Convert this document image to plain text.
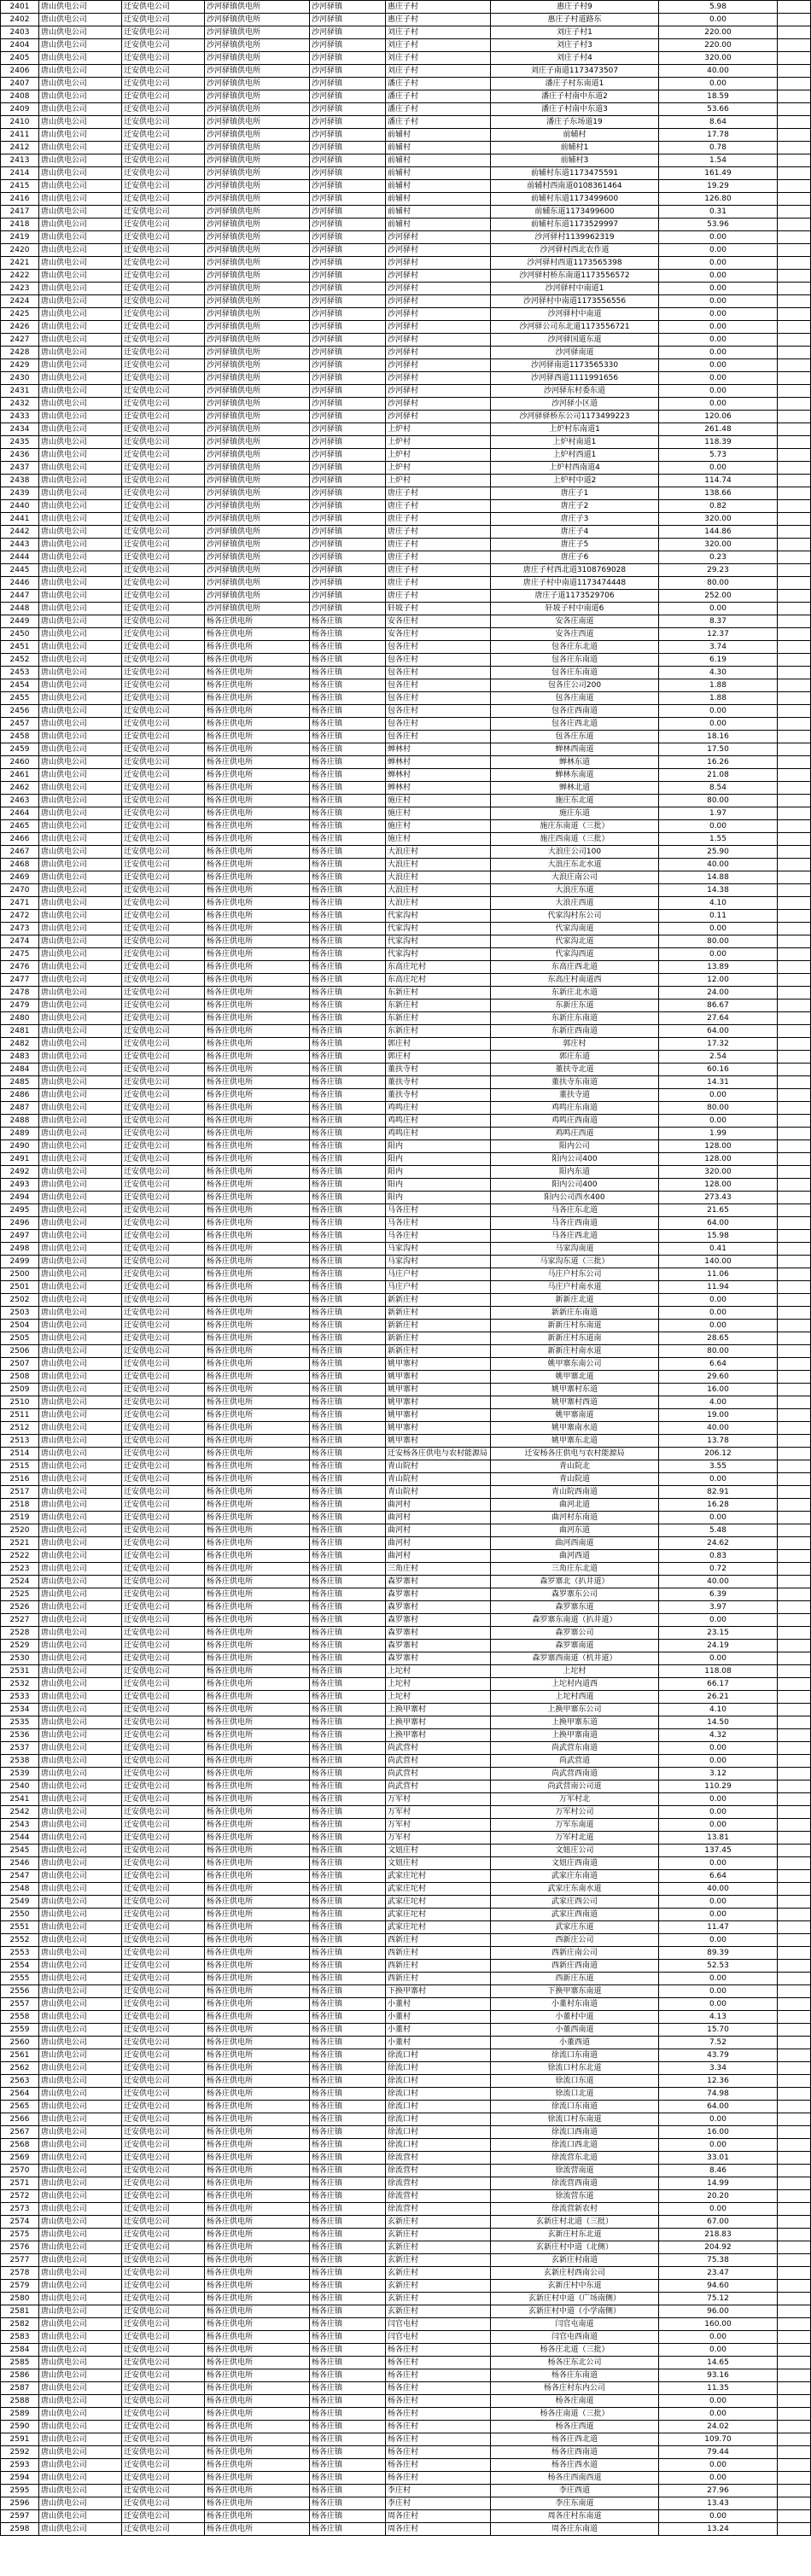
2401	唐山供电公司	迁安供电公司	沙河驿镇供电所	沙河驿镇	惠庄子村	惠庄子村9	5.98	
2402	唐山供电公司	迁安供电公司	沙河驿镇供电所	沙河驿镇	惠庄子村	惠庄子村道路东	0.00	
2403	唐山供电公司	迁安供电公司	沙河驿镇供电所	沙河驿镇	刘庄子村	刘庄子村1	220.00	
2404	唐山供电公司	迁安供电公司	沙河驿镇供电所	沙河驿镇	刘庄子村	刘庄子村3	220.00	
2405	唐山供电公司	迁安供电公司	沙河驿镇供电所	沙河驿镇	刘庄子村	刘庄子村4	320.00	
2406	唐山供电公司	迁安供电公司	沙河驿镇供电所	沙河驿镇	刘庄子村	刘庄子南道1173473507	40.00	
2407	唐山供电公司	迁安供电公司	沙河驿镇供电所	沙河驿镇	潘庄子村	潘庄子村东南道1	0.00	
2408	唐山供电公司	迁安供电公司	沙河驿镇供电所	沙河驿镇	潘庄子村	潘庄子村南中东道2	18.59	
2409	唐山供电公司	迁安供电公司	沙河驿镇供电所	沙河驿镇	潘庄子村	潘庄子村南中东道3	53.66	
2410	唐山供电公司	迁安供电公司	沙河驿镇供电所	沙河驿镇	潘庄子村	潘庄子东场道19	8.64	
2411	唐山供电公司	迁安供电公司	沙河驿镇供电所	沙河驿镇	前辅村	前辅村	17.78	
2412	唐山供电公司	迁安供电公司	沙河驿镇供电所	沙河驿镇	前辅村	前辅村1	0.78	
2413	唐山供电公司	迁安供电公司	沙河驿镇供电所	沙河驿镇	前辅村	前辅村3	1.54	
2414	唐山供电公司	迁安供电公司	沙河驿镇供电所	沙河驿镇	前辅村	前辅村东道1173475591	161.49	
2415	唐山供电公司	迁安供电公司	沙河驿镇供电所	沙河驿镇	前辅村	前辅村西南道0108361464	19.29	
2416	唐山供电公司	迁安供电公司	沙河驿镇供电所	沙河驿镇	前辅村	前辅村东道1173499600	126.80	
2417	唐山供电公司	迁安供电公司	沙河驿镇供电所	沙河驿镇	前辅村	前辅东道1173499600	0.31	
2418	唐山供电公司	迁安供电公司	沙河驿镇供电所	沙河驿镇	前辅村	前辅村东道1173529997	53.96	
2419	唐山供电公司	迁安供电公司	沙河驿镇供电所	沙河驿镇	沙河驿村	沙河驿村1139962319	0.00	
2420	唐山供电公司	迁安供电公司	沙河驿镇供电所	沙河驿镇	沙河驿村	沙河驿村西北农作道	0.00	
2421	唐山供电公司	迁安供电公司	沙河驿镇供电所	沙河驿镇	沙河驿村	沙河驿村西道1173565398	0.00	
2422	唐山供电公司	迁安供电公司	沙河驿镇供电所	沙河驿镇	沙河驿村	沙河驿村桥东南道1173556572	0.00	
2423	唐山供电公司	迁安供电公司	沙河驿镇供电所	沙河驿镇	沙河驿村	沙河驿村中南道1	0.00	
2424	唐山供电公司	迁安供电公司	沙河驿镇供电所	沙河驿镇	沙河驿村	沙河驿村中南道1173556556	0.00	
2425	唐山供电公司	迁安供电公司	沙河驿镇供电所	沙河驿镇	沙河驿村	沙河驿村中南道	0.00	
2426	唐山供电公司	迁安供电公司	沙河驿镇供电所	沙河驿镇	沙河驿村	沙河驿公司东北道1173556721	0.00	
2427	唐山供电公司	迁安供电公司	沙河驿镇供电所	沙河驿镇	沙河驿村	沙河驿国道东道	0.00	
2428	唐山供电公司	迁安供电公司	沙河驿镇供电所	沙河驿镇	沙河驿村	沙河驿南道	0.00	
2429	唐山供电公司	迁安供电公司	沙河驿镇供电所	沙河驿镇	沙河驿村	沙河驿南道1173565330	0.00	
2430	唐山供电公司	迁安供电公司	沙河驿镇供电所	沙河驿镇	沙河驿村	沙河驿西道1111991656	0.00	
2431	唐山供电公司	迁安供电公司	沙河驿镇供电所	沙河驿镇	沙河驿村	沙河驿东村委东道	0.00	
2432	唐山供电公司	迁安供电公司	沙河驿镇供电所	沙河驿镇	沙河驿村	沙河驿小区道	0.00	
2433	唐山供电公司	迁安供电公司	沙河驿镇供电所	沙河驿镇	沙河驿村	沙河驿驿桥东公司1173499223	120.06	
2434	唐山供电公司	迁安供电公司	沙河驿镇供电所	沙河驿镇	上炉村	上炉村东南道1	261.48	
2435	唐山供电公司	迁安供电公司	沙河驿镇供电所	沙河驿镇	上炉村	上炉村南道1	118.39	
2436	唐山供电公司	迁安供电公司	沙河驿镇供电所	沙河驿镇	上炉村	上炉村西道1	5.73	
2437	唐山供电公司	迁安供电公司	沙河驿镇供电所	沙河驿镇	上炉村	上炉村西南道4	0.00	
2438	唐山供电公司	迁安供电公司	沙河驿镇供电所	沙河驿镇	上炉村	上炉村中道2	114.74	
2439	唐山供电公司	迁安供电公司	沙河驿镇供电所	沙河驿镇	唐庄子村	唐庄子1	138.66	
2440	唐山供电公司	迁安供电公司	沙河驿镇供电所	沙河驿镇	唐庄子村	唐庄子2	0.82	
2441	唐山供电公司	迁安供电公司	沙河驿镇供电所	沙河驿镇	唐庄子村	唐庄子3	320.00	
2442	唐山供电公司	迁安供电公司	沙河驿镇供电所	沙河驿镇	唐庄子村	唐庄子4	144.86	
2443	唐山供电公司	迁安供电公司	沙河驿镇供电所	沙河驿镇	唐庄子村	唐庄子5	320.00	
2444	唐山供电公司	迁安供电公司	沙河驿镇供电所	沙河驿镇	唐庄子村	唐庄子6	0.23	
2445	唐山供电公司	迁安供电公司	沙河驿镇供电所	沙河驿镇	唐庄子村	唐庄子村西北道3108769028	29.23	
2446	唐山供电公司	迁安供电公司	沙河驿镇供电所	沙河驿镇	唐庄子村	唐庄子村中南道1173474448	80.00	
2447	唐山供电公司	迁安供电公司	沙河驿镇供电所	沙河驿镇	唐庄子村	唐庄子道1173529706	252.00	
2448	唐山供电公司	迁安供电公司	沙河驿镇供电所	沙河驿镇	轩坡子村	轩坡子村中南道6	0.00	
2449	唐山供电公司	迁安供电公司	杨各庄供电所	杨各庄镇	安各庄村	安各庄南道	8.37	
2450	唐山供电公司	迁安供电公司	杨各庄供电所	杨各庄镇	安各庄村	安各庄西道	12.37	
2451	唐山供电公司	迁安供电公司	杨各庄供电所	杨各庄镇	包各庄村	包各庄东北道	3.74	
2452	唐山供电公司	迁安供电公司	杨各庄供电所	杨各庄镇	包各庄村	包各庄东南道	6.19	
2453	唐山供电公司	迁安供电公司	杨各庄供电所	杨各庄镇	包各庄村	包各庄东南道	4.30	
2454	唐山供电公司	迁安供电公司	杨各庄供电所	杨各庄镇	包各庄村	包各庄公司200	1.88	
2455	唐山供电公司	迁安供电公司	杨各庄供电所	杨各庄镇	包各庄村	包各庄南道	1.88	
2456	唐山供电公司	迁安供电公司	杨各庄供电所	杨各庄镇	包各庄村	包各庄西南道	0.00	
2457	唐山供电公司	迁安供电公司	杨各庄供电所	杨各庄镇	包各庄村	包各庄西北道	0.00	
2458	唐山供电公司	迁安供电公司	杨各庄供电所	杨各庄镇	包各庄村	包各庄东道	18.16	
2459	唐山供电公司	迁安供电公司	杨各庄供电所	杨各庄镇	蝉林村	蝉林西南道	17.50	
2460	唐山供电公司	迁安供电公司	杨各庄供电所	杨各庄镇	蝉林村	蝉林东道	16.26	
2461	唐山供电公司	迁安供电公司	杨各庄供电所	杨各庄镇	蝉林村	蝉林东南道	21.08	
2462	唐山供电公司	迁安供电公司	杨各庄供电所	杨各庄镇	蝉林村	蝉林北道	8.54	
2463	唐山供电公司	迁安供电公司	杨各庄供电所	杨各庄镇	施庄村	施庄东北道	80.00	
2464	唐山供电公司	迁安供电公司	杨各庄供电所	杨各庄镇	施庄村	施庄东道	1.97	
2465	唐山供电公司	迁安供电公司	杨各庄供电所	杨各庄镇	施庄村	施庄东南道（三批）	0.00	
2466	唐山供电公司	迁安供电公司	杨各庄供电所	杨各庄镇	施庄村	施庄西南道（三批）	1.55	
2467	唐山供电公司	迁安供电公司	杨各庄供电所	杨各庄镇	大浪庄村	大浪庄公司100	25.90	
2468	唐山供电公司	迁安供电公司	杨各庄供电所	杨各庄镇	大浪庄村	大浪庄东北水道	40.00	
2469	唐山供电公司	迁安供电公司	杨各庄供电所	杨各庄镇	大浪庄村	大浪庄南公司	14.88	
2470	唐山供电公司	迁安供电公司	杨各庄供电所	杨各庄镇	大浪庄村	大浪庄东道	14.38	
2471	唐山供电公司	迁安供电公司	杨各庄供电所	杨各庄镇	大浪庄村	大浪庄西道	4.10	
2472	唐山供电公司	迁安供电公司	杨各庄供电所	杨各庄镇	代家沟村	代家沟村东公司	0.11	
2473	唐山供电公司	迁安供电公司	杨各庄供电所	杨各庄镇	代家沟村	代家沟南道	0.00	
2474	唐山供电公司	迁安供电公司	杨各庄供电所	杨各庄镇	代家沟村	代家沟北道	80.00	
2475	唐山供电公司	迁安供电公司	杨各庄供电所	杨各庄镇	代家沟村	代家沟西道	0.00	
2476	唐山供电公司	迁安供电公司	杨各庄供电所	杨各庄镇	东高庄坨村	东高庄西北道	13.89	
2477	唐山供电公司	迁安供电公司	杨各庄供电所	杨各庄镇	东高庄坨村	东高庄村南道西	12.00	
2478	唐山供电公司	迁安供电公司	杨各庄供电所	杨各庄镇	东新庄村	东新庄北水道	24.00	
2479	唐山供电公司	迁安供电公司	杨各庄供电所	杨各庄镇	东新庄村	东新庄东道	86.67	
2480	唐山供电公司	迁安供电公司	杨各庄供电所	杨各庄镇	东新庄村	东新庄东南道	27.64	
2481	唐山供电公司	迁安供电公司	杨各庄供电所	杨各庄镇	东新庄村	东新庄西南道	64.00	
2482	唐山供电公司	迁安供电公司	杨各庄供电所	杨各庄镇	郭庄村	郭庄村	17.32	
2483	唐山供电公司	迁安供电公司	杨各庄供电所	杨各庄镇	郭庄村	郭庄东道	2.54	
2484	唐山供电公司	迁安供电公司	杨各庄供电所	杨各庄镇	董扶寺村	董扶寺北道	60.16	
2485	唐山供电公司	迁安供电公司	杨各庄供电所	杨各庄镇	董扶寺村	董扶寺东南道	14.31	
2486	唐山供电公司	迁安供电公司	杨各庄供电所	杨各庄镇	董扶寺村	董扶寺道	0.00	
2487	唐山供电公司	迁安供电公司	杨各庄供电所	杨各庄镇	鸡鸣庄村	鸡鸣庄东南道	80.00	
2488	唐山供电公司	迁安供电公司	杨各庄供电所	杨各庄镇	鸡鸣庄村	鸡鸣庄西南道	0.00	
2489	唐山供电公司	迁安供电公司	杨各庄供电所	杨各庄镇	鸡鸣庄村	鸡鸣庄西道	1.99	
2490	唐山供电公司	迁安供电公司	杨各庄供电所	杨各庄镇	阳内	阳内公司	128.00	
2491	唐山供电公司	迁安供电公司	杨各庄供电所	杨各庄镇	阳内	阳内公司400	128.00	
2492	唐山供电公司	迁安供电公司	杨各庄供电所	杨各庄镇	阳内	阳内东道	320.00	
2493	唐山供电公司	迁安供电公司	杨各庄供电所	杨各庄镇	阳内	阳内公司400	128.00	
2494	唐山供电公司	迁安供电公司	杨各庄供电所	杨各庄镇	阳内	阳内公司西水400	273.43	
2495	唐山供电公司	迁安供电公司	杨各庄供电所	杨各庄镇	马各庄村	马各庄东北道	21.65	
2496	唐山供电公司	迁安供电公司	杨各庄供电所	杨各庄镇	马各庄村	马各庄西南道	64.00	
2497	唐山供电公司	迁安供电公司	杨各庄供电所	杨各庄镇	马各庄村	马各庄西北道	15.98	
2498	唐山供电公司	迁安供电公司	杨各庄供电所	杨各庄镇	马家沟村	马家沟南道	0.41	
2499	唐山供电公司	迁安供电公司	杨各庄供电所	杨各庄镇	马家沟村	马家沟东道（三批）	140.00	
2500	唐山供电公司	迁安供电公司	杨各庄供电所	杨各庄镇	马庄户村	马庄户村东公司	11.06	
2501	唐山供电公司	迁安供电公司	杨各庄供电所	杨各庄镇	马庄户村	马庄户村南水道	11.94	
2502	唐山供电公司	迁安供电公司	杨各庄供电所	杨各庄镇	新新庄村	新新庄北道	0.00	
2503	唐山供电公司	迁安供电公司	杨各庄供电所	杨各庄镇	新新庄村	新新庄东南道	0.00	
2504	唐山供电公司	迁安供电公司	杨各庄供电所	杨各庄镇	新新庄村	新新庄村东南道	0.00	
2505	唐山供电公司	迁安供电公司	杨各庄供电所	杨各庄镇	新新庄村	新新庄村东道南	28.65	
2506	唐山供电公司	迁安供电公司	杨各庄供电所	杨各庄镇	新新庄村	新新庄村南水道	80.00	
2507	唐山供电公司	迁安供电公司	杨各庄供电所	杨各庄镇	姚甲寨村	姚甲寨东南公司	6.64	
2508	唐山供电公司	迁安供电公司	杨各庄供电所	杨各庄镇	姚甲寨村	姚甲寨北道	29.60	
2509	唐山供电公司	迁安供电公司	杨各庄供电所	杨各庄镇	姚甲寨村	姚甲寨村东道	16.00	
2510	唐山供电公司	迁安供电公司	杨各庄供电所	杨各庄镇	姚甲寨村	姚甲寨村西道	4.00	
2511	唐山供电公司	迁安供电公司	杨各庄供电所	杨各庄镇	姚甲寨村	姚甲寨南道	19.00	
2512	唐山供电公司	迁安供电公司	杨各庄供电所	杨各庄镇	姚甲寨村	姚甲寨南水道	40.00	
2513	唐山供电公司	迁安供电公司	杨各庄供电所	杨各庄镇	姚甲寨村	姚甲寨东北道	13.78	
2514	唐山供电公司	迁安供电公司	杨各庄供电所	杨各庄镇	迁安杨各庄供电与农村能源局	迁安杨各庄供电与农村能源局	206.12	
2515	唐山供电公司	迁安供电公司	杨各庄供电所	杨各庄镇	青山院村	青山院北	3.55	
2516	唐山供电公司	迁安供电公司	杨各庄供电所	杨各庄镇	青山院村	青山院道	0.00	
2517	唐山供电公司	迁安供电公司	杨各庄供电所	杨各庄镇	青山院村	青山院西南道	82.91	
2518	唐山供电公司	迁安供电公司	杨各庄供电所	杨各庄镇	曲河村	曲河北道	16.28	
2519	唐山供电公司	迁安供电公司	杨各庄供电所	杨各庄镇	曲河村	曲河村东南道	0.00	
2520	唐山供电公司	迁安供电公司	杨各庄供电所	杨各庄镇	曲河村	曲河东道	5.48	
2521	唐山供电公司	迁安供电公司	杨各庄供电所	杨各庄镇	曲河村	曲河西南道	24.62	
2522	唐山供电公司	迁安供电公司	杨各庄供电所	杨各庄镇	曲河村	曲河西道	0.83	
2523	唐山供电公司	迁安供电公司	杨各庄供电所	杨各庄镇	三角庄村	三角庄东北道	0.72	
2524	唐山供电公司	迁安供电公司	杨各庄供电所	杨各庄镇	森罗寨村	森罗寨北（扒井道）	40.00	
2525	唐山供电公司	迁安供电公司	杨各庄供电所	杨各庄镇	森罗寨村	森罗寨东公司	6.39	
2526	唐山供电公司	迁安供电公司	杨各庄供电所	杨各庄镇	森罗寨村	森罗寨东道	3.97	
2527	唐山供电公司	迁安供电公司	杨各庄供电所	杨各庄镇	森罗寨村	森罗寨东南道（扒井道）	0.00	
2528	唐山供电公司	迁安供电公司	杨各庄供电所	杨各庄镇	森罗寨村	森罗寨公司	23.15	
2529	唐山供电公司	迁安供电公司	杨各庄供电所	杨各庄镇	森罗寨村	森罗寨南道	24.19	
2530	唐山供电公司	迁安供电公司	杨各庄供电所	杨各庄镇	森罗寨村	森罗寨西南道（机井道）	0.00	
2531	唐山供电公司	迁安供电公司	杨各庄供电所	杨各庄镇	上坨村	上坨村	118.08	
2532	唐山供电公司	迁安供电公司	杨各庄供电所	杨各庄镇	上坨村	上坨村内道西	66.17	
2533	唐山供电公司	迁安供电公司	杨各庄供电所	杨各庄镇	上坨村	上坨村西道	26.21	
2534	唐山供电公司	迁安供电公司	杨各庄供电所	杨各庄镇	上换甲寨村	上换甲寨东公司	4.10	
2535	唐山供电公司	迁安供电公司	杨各庄供电所	杨各庄镇	上换甲寨村	上换甲寨东道	14.50	
2536	唐山供电公司	迁安供电公司	杨各庄供电所	杨各庄镇	上换甲寨村	上换甲寨南道	4.32	
2537	唐山供电公司	迁安供电公司	杨各庄供电所	杨各庄镇	尚武营村	尚武营东南道	0.00	
2538	唐山供电公司	迁安供电公司	杨各庄供电所	杨各庄镇	尚武营村	尚武营道	0.00	
2539	唐山供电公司	迁安供电公司	杨各庄供电所	杨各庄镇	尚武营村	尚武营西南道	3.12	
2540	唐山供电公司	迁安供电公司	杨各庄供电所	杨各庄镇	尚武营村	尚武营南公司道	110.29	
2541	唐山供电公司	迁安供电公司	杨各庄供电所	杨各庄镇	万军村	万军村北	0.00	
2542	唐山供电公司	迁安供电公司	杨各庄供电所	杨各庄镇	万军村	万军村公司	0.00	
2543	唐山供电公司	迁安供电公司	杨各庄供电所	杨各庄镇	万军村	万军东南道	0.00	
2544	唐山供电公司	迁安供电公司	杨各庄供电所	杨各庄镇	万军村	万军村北道	13.81	
2545	唐山供电公司	迁安供电公司	杨各庄供电所	杨各庄镇	文妞庄村	文妞庄公司	137.45	
2546	唐山供电公司	迁安供电公司	杨各庄供电所	杨各庄镇	文妞庄村	文妞庄西南道	0.00	
2547	唐山供电公司	迁安供电公司	杨各庄供电所	杨各庄镇	武家庄坨村	武家庄东南道	6.64	
2548	唐山供电公司	迁安供电公司	杨各庄供电所	杨各庄镇	武家庄坨村	武家庄东南水道	40.00	
2549	唐山供电公司	迁安供电公司	杨各庄供电所	杨各庄镇	武家庄坨村	武家庄西公司	0.00	
2550	唐山供电公司	迁安供电公司	杨各庄供电所	杨各庄镇	武家庄坨村	武家庄西南道	0.00	
2551	唐山供电公司	迁安供电公司	杨各庄供电所	杨各庄镇	武家庄坨村	武家庄东道	11.47	
2552	唐山供电公司	迁安供电公司	杨各庄供电所	杨各庄镇	西新庄村	西新庄公司	0.00	
2553	唐山供电公司	迁安供电公司	杨各庄供电所	杨各庄镇	西新庄村	西新庄南公司	89.39	
2554	唐山供电公司	迁安供电公司	杨各庄供电所	杨各庄镇	西新庄村	西新庄西南道	52.53	
2555	唐山供电公司	迁安供电公司	杨各庄供电所	杨各庄镇	西新庄村	西新庄东道	0.00	
2556	唐山供电公司	迁安供电公司	杨各庄供电所	杨各庄镇	下换甲寨村	下换甲寨东南道	0.00	
2557	唐山供电公司	迁安供电公司	杨各庄供电所	杨各庄镇	小董村	小董村东南道	0.00	
2558	唐山供电公司	迁安供电公司	杨各庄供电所	杨各庄镇	小董村	小董村中道	4.13	
2559	唐山供电公司	迁安供电公司	杨各庄供电所	杨各庄镇	小董村	小董西南道	15.70	
2560	唐山供电公司	迁安供电公司	杨各庄供电所	杨各庄镇	小董村	小董西道	7.52	
2561	唐山供电公司	迁安供电公司	杨各庄供电所	杨各庄镇	徐流口村	徐流口东南道	43.79	
2562	唐山供电公司	迁安供电公司	杨各庄供电所	杨各庄镇	徐流口村	徐流口村东北道	3.34	
2563	唐山供电公司	迁安供电公司	杨各庄供电所	杨各庄镇	徐流口村	徐流口东道	12.36	
2564	唐山供电公司	迁安供电公司	杨各庄供电所	杨各庄镇	徐流口村	徐流口北道	74.98	
2565	唐山供电公司	迁安供电公司	杨各庄供电所	杨各庄镇	徐流口村	徐流口东南道	64.00	
2566	唐山供电公司	迁安供电公司	杨各庄供电所	杨各庄镇	徐流口村	徐流口村东南道	0.00	
2567	唐山供电公司	迁安供电公司	杨各庄供电所	杨各庄镇	徐流口村	徐流口西南道	16.00	
2568	唐山供电公司	迁安供电公司	杨各庄供电所	杨各庄镇	徐流口村	徐流口西北道	0.00	
2569	唐山供电公司	迁安供电公司	杨各庄供电所	杨各庄镇	徐流营村	徐流营东北道	33.01	
2570	唐山供电公司	迁安供电公司	杨各庄供电所	杨各庄镇	徐流营村	徐流营南道	8.46	
2571	唐山供电公司	迁安供电公司	杨各庄供电所	杨各庄镇	徐流营村	徐流营西南道	14.99	
2572	唐山供电公司	迁安供电公司	杨各庄供电所	杨各庄镇	徐流营村	徐流营东道	20.20	
2573	唐山供电公司	迁安供电公司	杨各庄供电所	杨各庄镇	徐流营村	徐流营新农村	0.00	
2574	唐山供电公司	迁安供电公司	杨各庄供电所	杨各庄镇	玄新庄村	玄新庄村北道（三批）	67.00	
2575	唐山供电公司	迁安供电公司	杨各庄供电所	杨各庄镇	玄新庄村	玄新庄村东北道	218.83	
2576	唐山供电公司	迁安供电公司	杨各庄供电所	杨各庄镇	玄新庄村	玄新庄村中道（北侧）	204.92	
2577	唐山供电公司	迁安供电公司	杨各庄供电所	杨各庄镇	玄新庄村	玄新庄村南道	75.38	
2578	唐山供电公司	迁安供电公司	杨各庄供电所	杨各庄镇	玄新庄村	玄新庄村西南公司	23.47	
2579	唐山供电公司	迁安供电公司	杨各庄供电所	杨各庄镇	玄新庄村	玄新庄村中东道	94.60	
2580	唐山供电公司	迁安供电公司	杨各庄供电所	杨各庄镇	玄新庄村	玄新庄村中道（广场南侧）	75.12	
2581	唐山供电公司	迁安供电公司	杨各庄供电所	杨各庄镇	玄新庄村	玄新庄村中道（小学南侧）	96.00	
2582	唐山供电公司	迁安供电公司	杨各庄供电所	杨各庄镇	闫官屯村	闫官屯南道	160.00	
2583	唐山供电公司	迁安供电公司	杨各庄供电所	杨各庄镇	闫官屯村	闫官屯西南道	0.00	
2584	唐山供电公司	迁安供电公司	杨各庄供电所	杨各庄镇	杨各庄村	杨各庄北道（三批）	0.00	
2585	唐山供电公司	迁安供电公司	杨各庄供电所	杨各庄镇	杨各庄村	杨各庄东北公司	14.65	
2586	唐山供电公司	迁安供电公司	杨各庄供电所	杨各庄镇	杨各庄村	杨各庄东南道	93.16	
2587	唐山供电公司	迁安供电公司	杨各庄供电所	杨各庄镇	杨各庄村	杨各庄村东内公司	11.35	
2588	唐山供电公司	迁安供电公司	杨各庄供电所	杨各庄镇	杨各庄村	杨各庄南道	0.00	
2589	唐山供电公司	迁安供电公司	杨各庄供电所	杨各庄镇	杨各庄村	杨各庄南道（三批）	0.00	
2590	唐山供电公司	迁安供电公司	杨各庄供电所	杨各庄镇	杨各庄村	杨各庄西道	24.02	
2591	唐山供电公司	迁安供电公司	杨各庄供电所	杨各庄镇	杨各庄村	杨各庄西北道	109.70	
2592	唐山供电公司	迁安供电公司	杨各庄供电所	杨各庄镇	杨各庄村	杨各庄西南道	79.44	
2593	唐山供电公司	迁安供电公司	杨各庄供电所	杨各庄镇	杨各庄村	杨各庄西水道	0.00	
2594	唐山供电公司	迁安供电公司	杨各庄供电所	杨各庄镇	杨各庄村	杨各庄西南西道	0.00	
2595	唐山供电公司	迁安供电公司	杨各庄供电所	杨各庄镇	李庄村	李庄西道	27.96	
2596	唐山供电公司	迁安供电公司	杨各庄供电所	杨各庄镇	李庄村	李庄东南道	13.43	
2597	唐山供电公司	迁安供电公司	杨各庄供电所	杨各庄镇	周各庄村	周各庄村东南道	0.00	
2598	唐山供电公司	迁安供电公司	杨各庄供电所	杨各庄镇	周各庄村	周各庄东南道	13.24	
